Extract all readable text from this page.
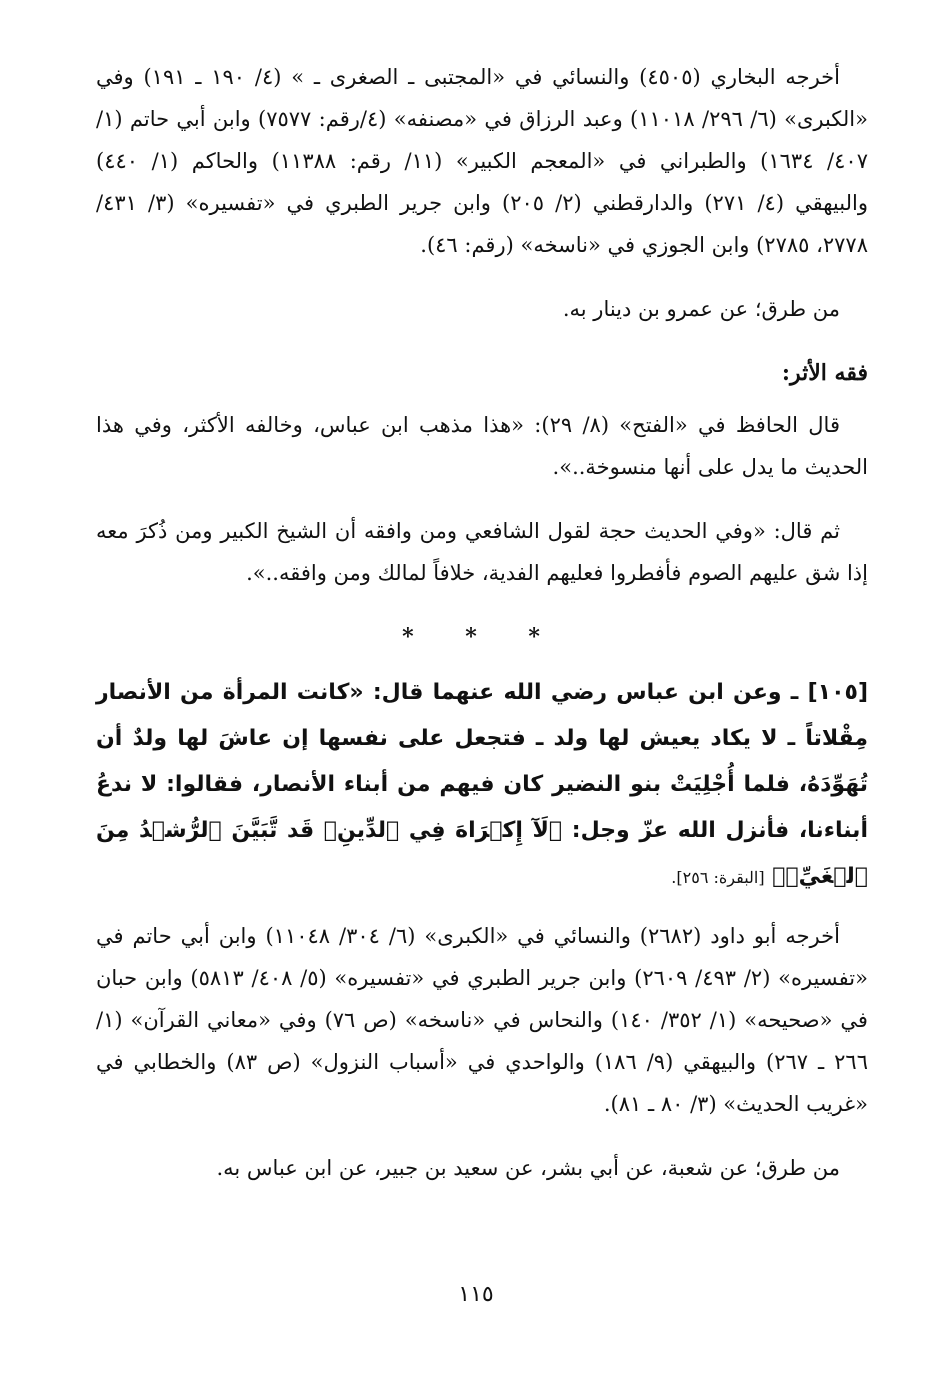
أخرجه البخاري (٤٥٠٥) والنسائي في «المجتبى ـ الصغرى ـ » (٤/ ١٩٠ ـ ١٩١) وفي «الكبرى» (٦/ ٢٩٦/ ١١٠١٨) وعبد الرزاق في «مصنفه» (٤/رقم: ٧٥٧٧) وابن أبي حاتم (١/ ٤٠٧/ ١٦٣٤) والطبراني في «المعجم الكبير» (١١/ رقم: ١١٣٨٨) والحاكم (١/ ٤٤٠) والبيهقي (٤/ ٢٧١) والدارقطني (٢/ ٢٠٥) وابن جرير الطبري في «تفسيره» (٣/ ٤٣١/ ٢٧٧٨، ٢٧٨٥) وابن الجوزي في «ناسخه» (رقم: ٤٦).

من طرق؛ عن عمرو بن دينار به.

فقه الأثر:

قال الحافظ في «الفتح» (٨/ ٢٩): «هذا مذهب ابن عباس، وخالفه الأكثر، وفي هذا الحديث ما يدل على أنها منسوخة..».

ثم قال: «وفي الحديث حجة لقول الشافعي ومن وافقه أن الشيخ الكبير ومن ذُكرَ معه إذا شق عليهم الصوم فأفطروا فعليهم الفدية، خلافاً لمالك ومن وافقه..».

* * *

[١٠٥] ـ وعن ابن عباس رضي الله عنهما قال: «كانت المرأة من الأنصار مِقْلاتاً ـ لا يكاد يعيش لها ولد ـ فتجعل على نفسها إن عاشَ لها ولدٌ أن تُهَوِّدَهُ، فلما أُجْلِيَتْ بنو النضير كان فيهم من أبناء الأنصار، فقالوا: لا ندعُ أبناءنا، فأنزل الله عزّ وجل: ﴿لَآ إِكۡرَاهَ فِي ٱلدِّينِۖ قَد تَّبَيَّنَ ٱلرُّشۡدُ مِنَ ٱلۡغَيِّۚ﴾ [البقرة: ٢٥٦].

أخرجه أبو داود (٢٦٨٢) والنسائي في «الكبرى» (٦/ ٣٠٤/ ١١٠٤٨) وابن أبي حاتم في «تفسيره» (٢/ ٤٩٣/ ٢٦٠٩) وابن جرير الطبري في «تفسيره» (٥/ ٤٠٨/ ٥٨١٣) وابن حبان في «صحيحه» (١/ ٣٥٢/ ١٤٠) والنحاس في «ناسخه» (ص ٧٦) وفي «معاني القرآن» (١/ ٢٦٦ ـ ٢٦٧) والبيهقي (٩/ ١٨٦) والواحدي في «أسباب النزول» (ص ٨٣) والخطابي في «غريب الحديث» (٣/ ٨٠ ـ ٨١).

من طرق؛ عن شعبة، عن أبي بشر، عن سعيد بن جبير، عن ابن عباس به.

١١٥
